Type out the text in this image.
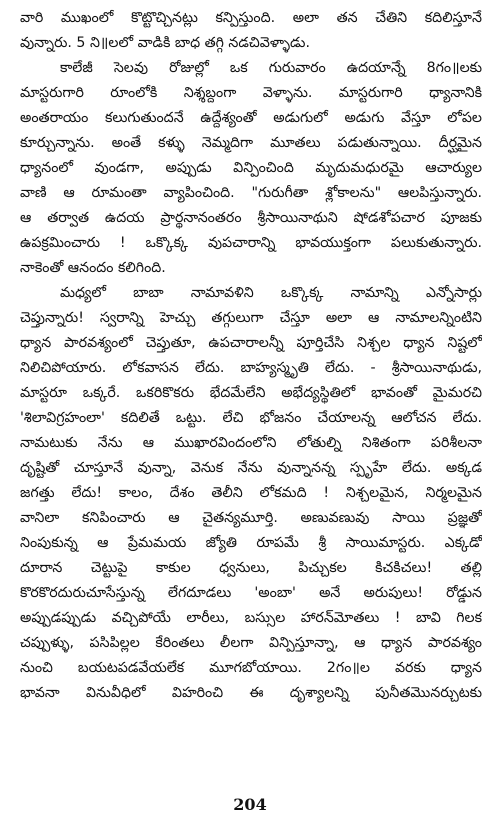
వారి ముఖంలో కొట్టొచ్చినట్లు కన్పిస్తుంది. అలా తన చేతిని కదిలిస్తూనే
వున్నారు. 5 ని॥లలో వాడికి బాధ తగ్గి నడచివెళ్ళాడు.
కాలేజీ సెలవు రోజుల్లో ఒక గురువారం ఉదయాన్నే 8గం॥లకు
మాస్టరుగారి రూంలోకి నిశ్శబ్దంగా వెళ్ళాను. మాస్టరుగారి ధ్యానానికి
అంతరాయం కలుగుతుందనే ఉద్దేశ్యంతో అడుగులో అడుగు వేస్తూ లోపల
కూర్చున్నాను. అంతే కళ్ళు నెమ్మదిగా మూతలు పడుతున్నాయి. దీర్ఘమైన
ధ్యానంలో వుండగా, అప్పుడు విన్పించింది మృదుమధురమై ఆచార్యుల
వాణి ఆ రూమంతా వ్యాపించింది. "గురుగీతా శ్లోకాలను" ఆలపిస్తున్నారు.
ఆ తర్వాత ఉదయ ప్రార్థనానంతరం శ్రీసాయినాథుని షోడశోపచార పూజకు
ఉపక్రమించారు ! ఒక్కొక్క వుపచారాన్ని భావయుక్తంగా పలుకుతున్నారు.
నాకెంతో ఆనందం కలిగింది.
మధ్యలో బాబా నామావళిని ఒక్కొక్క నామాన్ని ఎన్నోసార్లు
చెప్తున్నారు! స్వరాన్ని హెచ్చు తగ్గులుగా చేస్తూ అలా ఆ నామాలన్నింటిని
ధ్యాన పారవశ్యంలో చెప్తుతూ, ఉపచారాలన్నీ పూర్తిచేసి నిశ్చల ధ్యాన నిష్టలో
నిలిచిపోయారు. లోకవాసన లేదు. బాహ్యస్మృతి లేదు. - శ్రీసాయినాథుడు,
మాస్టరూ ఒక్కరే. ఒకరికొకరు భేదమేలేని అభేద్యస్థితిలో భావంతో మైమరచి
'శిలావిగ్రహంలా' కదిలితే ఒట్టు. లేచి భోజనం చేయాలన్న ఆలోచన లేదు.
నామటుకు నేను ఆ ముఖారవిందంలోని లోతుల్ని నిశితంగా పరిశీలనా
దృష్టితో చూస్తూనే వున్నా, వెనుక నేను వున్నానన్న స్పృహే లేదు. అక్కడ
జగత్తు లేదు! కాలం, దేశం తెలీని లోకమది ! నిశ్చలమైన, నిర్మలమైన
వానిలా కనిపించారు ఆ చైతన్యమూర్తి. అణువణువు సాయి ప్రజ్ఞతో
నింపుకున్న ఆ ప్రేమమయ జ్యోతి రూపమే శ్రీ సాయిమాస్టరు. ఎక్కడో
దూరాన చెట్టుపై కాకుల ధ్వనులు, పిచ్చుకల కిచకిచలు! తల్లి
కొరకొరదురుచూసేస్తున్న లేగదూడలు 'అంబా' అనే అరుపులు! రోడ్డున
అప్పుడప్పుడు వచ్చిపోయే లారీలు, బస్సుల హారన్‌మోతలు ! బావి గిలక
చప్పుళ్ళు, పసిపిల్లల కేరింతలు లీలగా విన్పిస్తూన్నా, ఆ ధ్యాన పారవశ్యం
నుంచి బయటపడవేయలేక మూగబోయాయి. 2గం॥ల వరకు ధ్యాన
భావనా వినువీధిలో విహరించి ఈ దృశ్యాలన్ని పునీతమొనర్చుటకు
204
